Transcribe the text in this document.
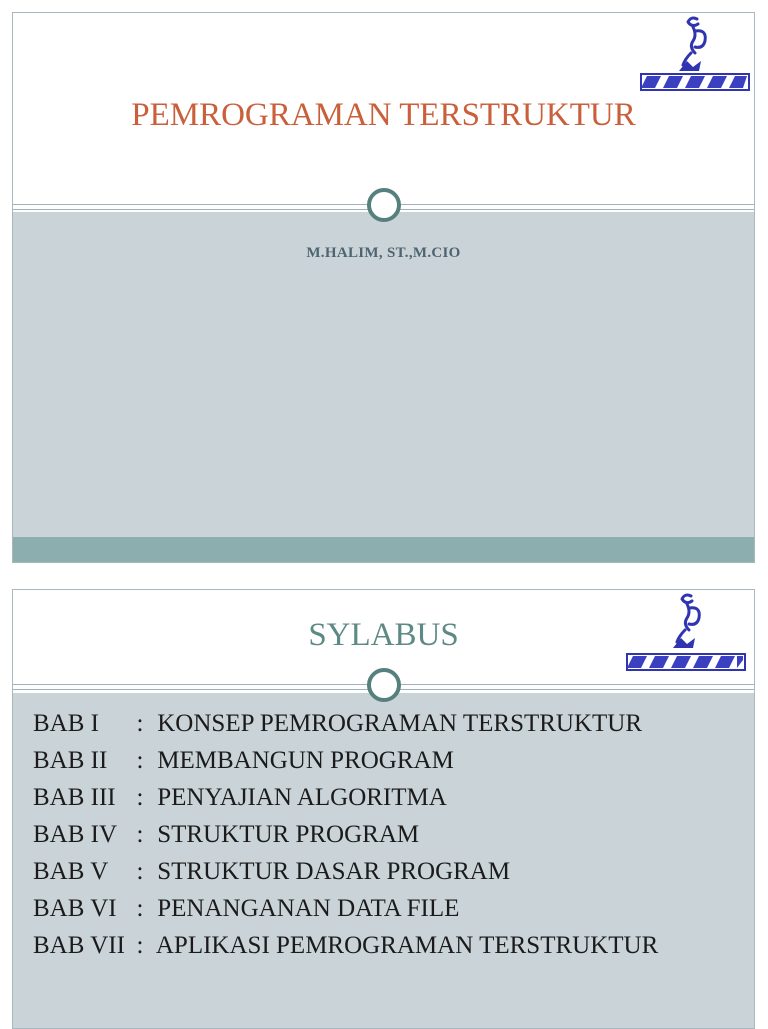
PEMROGRAMAN TERSTRUKTUR
M.HALIM, ST.,M.CIO
SYLABUS
BAB I : KONSEP PEMROGRAMAN TERSTRUKTUR
BAB II : MEMBANGUN PROGRAM
BAB III : PENYAJIAN ALGORITMA
BAB IV : STRUKTUR PROGRAM
BAB V : STRUKTUR DASAR PROGRAM
BAB VI : PENANGANAN DATA FILE
BAB VII : APLIKASI PEMROGRAMAN TERSTRUKTUR
